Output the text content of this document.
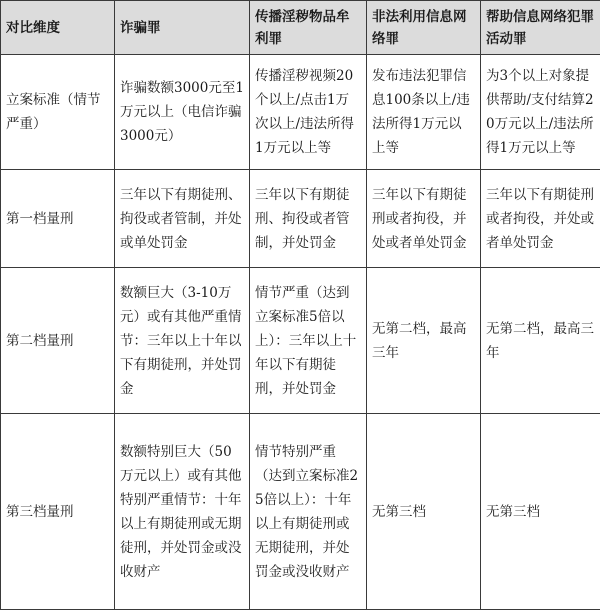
对比维度	诈骗罪	传播淫秽物品牟利罪	非法利用信息网络罪	帮助信息网络犯罪活动罪
立案标准（情节严重）	诈骗数额3000元至1万元以上（电信诈骗3000元）	传播淫秽视频20个以上/点击1万次以上/违法所得1万元以上等	发布违法犯罪信息100条以上/违法所得1万元以上等	为3个以上对象提供帮助/支付结算20万元以上/违法所得1万元以上等
第一档量刑	三年以下有期徒刑、拘役或者管制，并处或单处罚金	三年以下有期徒刑、拘役或者管制，并处罚金	三年以下有期徒刑或者拘役，并处或者单处罚金	三年以下有期徒刑或者拘役，并处或者单处罚金
第二档量刑	数额巨大（3-10万元）或有其他严重情节：三年以上十年以下有期徒刑，并处罚金	情节严重（达到立案标准5倍以上）：三年以上十年以下有期徒刑，并处罚金	无第二档，最高三年	无第二档，最高三年
第三档量刑	数额特别巨大（50万元以上）或有其他特别严重情节：十年以上有期徒刑或无期徒刑，并处罚金或没收财产	情节特别严重（达到立案标准25倍以上）：十年以上有期徒刑或无期徒刑，并处罚金或没收财产	无第三档	无第三档
